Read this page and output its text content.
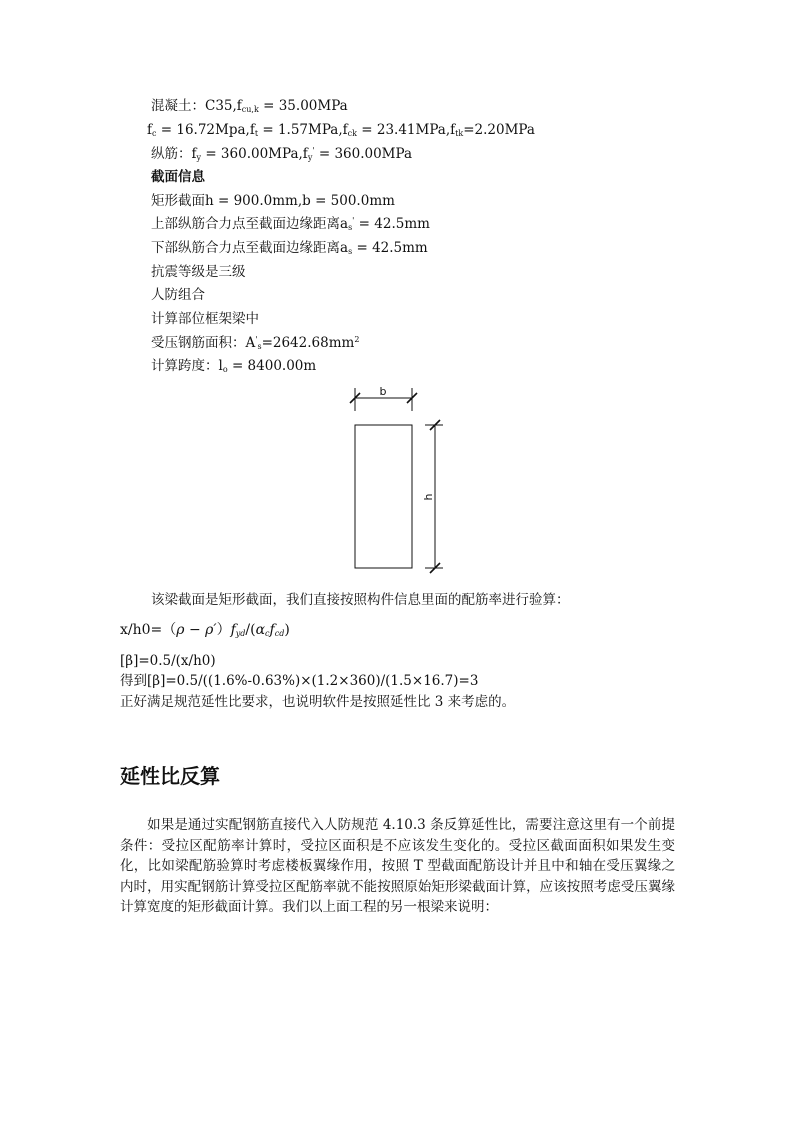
混凝土：$C35,f_{cu,k} = 35.00MPa$
$f_c = 16.72Mpa,f_t = 1.57MPa,f_{ck} = 23.41MPa,f_{tk}=2.20MPa$
纵筋：$f_y = 360.00MPa,f_y' = 360.00MPa$
截面信息
矩形截面h = 900.0mm,b = 500.0mm
上部纵筋合力点至截面边缘距离$a_s' = 42.5mm$
下部纵筋合力点至截面边缘距离$a_s = 42.5mm$
抗震等级是三级
人防组合
计算部位框架梁中
受压钢筋面积：$A'_s=2642.68mm^2$
计算跨度：$l_o = 8400.00m$
b
h
该梁截面是矩形截面，我们直接按照构件信息里面的配筋率进行验算：
$x/h0=(\rho - \rho')f_{yd}/(\alpha_cf_{cd})$
[β]=0.5/(x/h0)
得到[β]=0.5/((1.6%-0.63%)×(1.2×360)/(1.5×16.7)=3
正好满足规范延性比要求，也说明软件是按照延性比 3 来考虑的。
延性比反算

如果是通过实配钢筋直接代入人防规范 4.10.3 条反算延性比，需要注意这里有一个前提条件：受拉区配筋率计算时，受拉区面积是不应该发生变化的。受拉区截面面积如果发生变化，比如梁配筋验算时考虑楼板翼缘作用，按照 T 型截面配筋设计并且中和轴在受压翼缘之内时，用实配钢筋计算受拉区配筋率就不能按照原始矩形梁截面计算，应该按照考虑受压翼缘计算宽度的矩形截面计算。我们以上面工程的另一根梁来说明：
